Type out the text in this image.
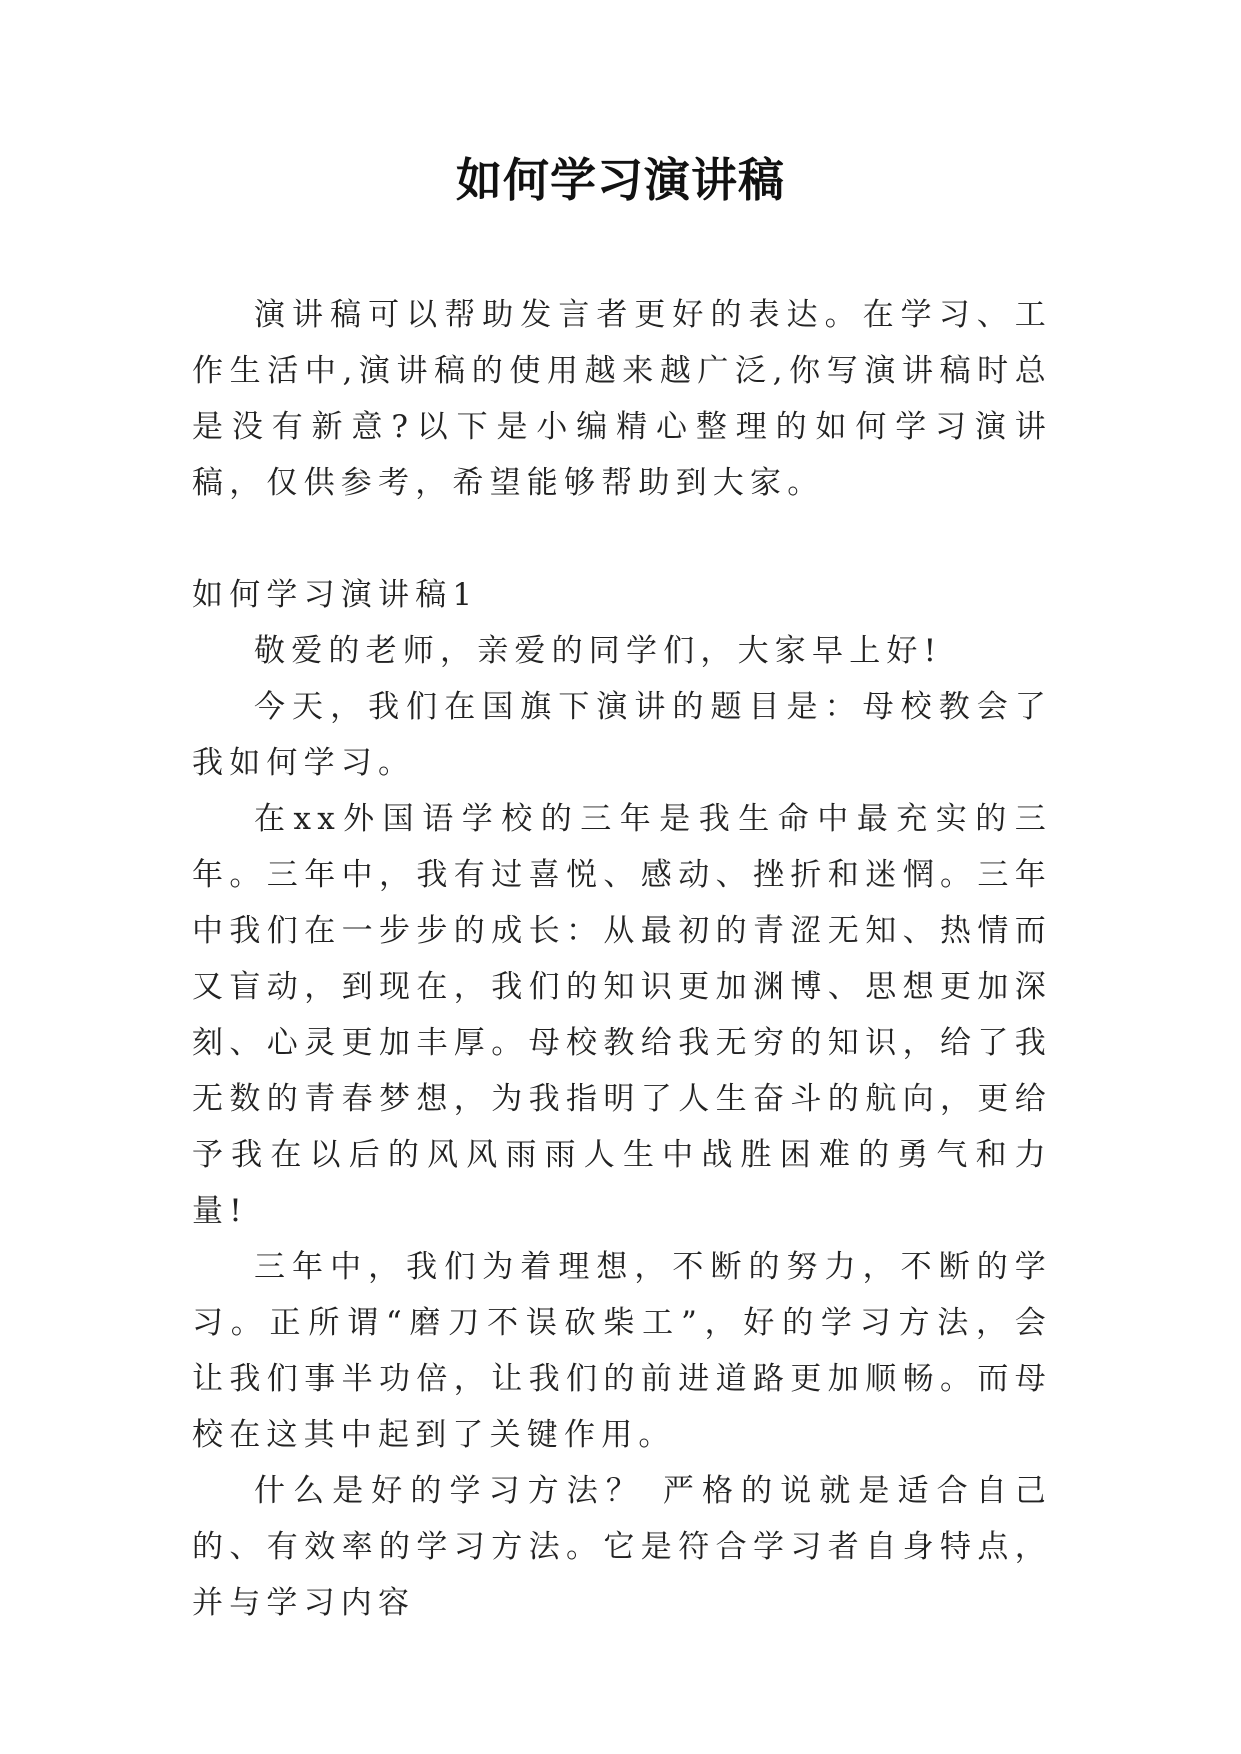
如何学习演讲稿

演讲稿可以帮助发言者更好的表达。在学习、工作生活中,演讲稿的使用越来越广泛,你写演讲稿时总是没有新意?以下是小编精心整理的如何学习演讲稿，仅供参考，希望能够帮助到大家。

如何学习演讲稿1

敬爱的老师，亲爱的同学们，大家早上好!

今天，我们在国旗下演讲的题目是：母校教会了我如何学习。

在xx外国语学校的三年是我生命中最充实的三年。三年中，我有过喜悦、感动、挫折和迷惘。三年中我们在一步步的成长：从最初的青涩无知、热情而又盲动，到现在，我们的知识更加渊博、思想更加深刻、心灵更加丰厚。母校教给我无穷的知识，给了我无数的青春梦想，为我指明了人生奋斗的航向，更给予我在以后的风风雨雨人生中战胜困难的勇气和力量!

三年中，我们为着理想，不断的努力，不断的学习。正所谓“磨刀不误砍柴工”，好的学习方法，会让我们事半功倍，让我们的前进道路更加顺畅。而母校在这其中起到了关键作用。

什么是好的学习方法？ 严格的说就是适合自己的、有效率的学习方法。它是符合学习者自身特点，并与学习内容
